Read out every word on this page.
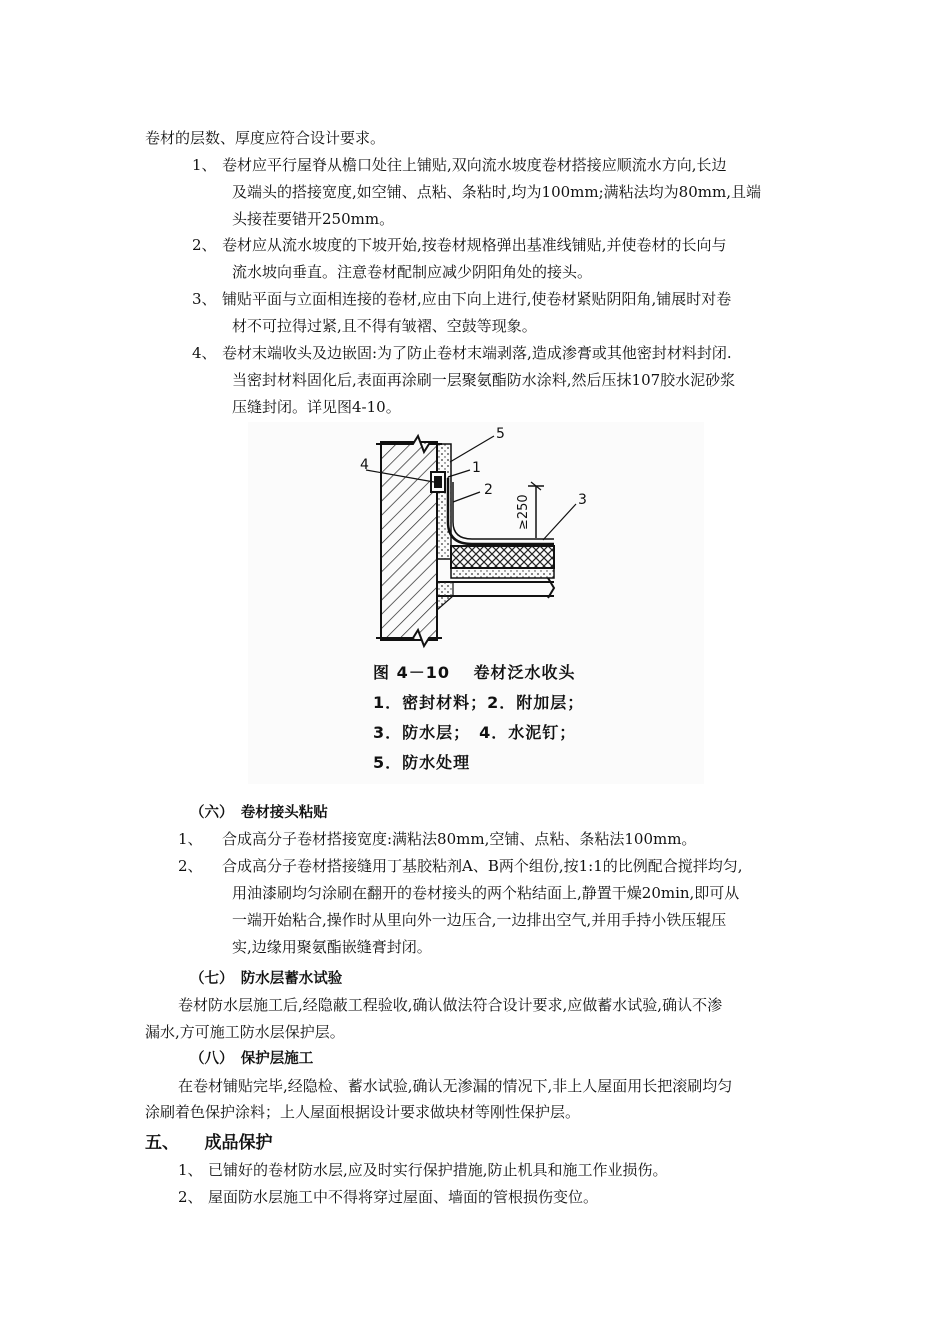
卷材的层数、厚度应符合设计要求。
1、 卷材应平行屋脊从檐口处往上铺贴,双向流水坡度卷材搭接应顺流水方向,长边
及端头的搭接宽度,如空铺、点粘、条粘时,均为100mm;满粘法均为80mm,且端
头接茬要错开250mm。
2、 卷材应从流水坡度的下坡开始,按卷材规格弹出基准线铺贴,并使卷材的长向与
流水坡向垂直。注意卷材配制应减少阴阳角处的接头。
3、 铺贴平面与立面相连接的卷材,应由下向上进行,使卷材紧贴阴阳角,铺展时对卷
材不可拉得过紧,且不得有皱褶、空鼓等现象。
4、 卷材末端收头及边嵌固:为了防止卷材末端剥落,造成渗膏或其他密封材料封闭.
当密封材料固化后,表面再涂刷一层聚氨酯防水涂料,然后压抹107胶水泥砂浆
压缝封闭。详见图4-10。
4	1
2
5
3
≥250
图 4－10　 卷材泛水收头
1．密封材料；2．附加层；
3．防水层；　4．水泥钉；
5．防水处理
（六）　卷材接头粘贴
1、 合成高分子卷材搭接宽度:满粘法80mm,空铺、点粘、条粘法100mm。
2、 合成高分子卷材搭接缝用丁基胶粘剂A、B两个组份,按1:1的比例配合搅拌均匀,
用油漆刷均匀涂刷在翻开的卷材接头的两个粘结面上,静置干燥20min,即可从
一端开始粘合,操作时从里向外一边压合,一边排出空气,并用手持小铁压辊压
实,边缘用聚氨酯嵌缝膏封闭。
（七）　防水层蓄水试验
卷材防水层施工后,经隐蔽工程验收,确认做法符合设计要求,应做蓄水试验,确认不渗
漏水,方可施工防水层保护层。
（八）　保护层施工
在卷材铺贴完毕,经隐检、蓄水试验,确认无渗漏的情况下,非上人屋面用长把滚刷均匀
涂刷着色保护涂料；上人屋面根据设计要求做块材等刚性保护层。
五、　　成品保护
1、 已铺好的卷材防水层,应及时实行保护措施,防止机具和施工作业损伤。
2、 屋面防水层施工中不得将穿过屋面、墙面的管根损伤变位。
